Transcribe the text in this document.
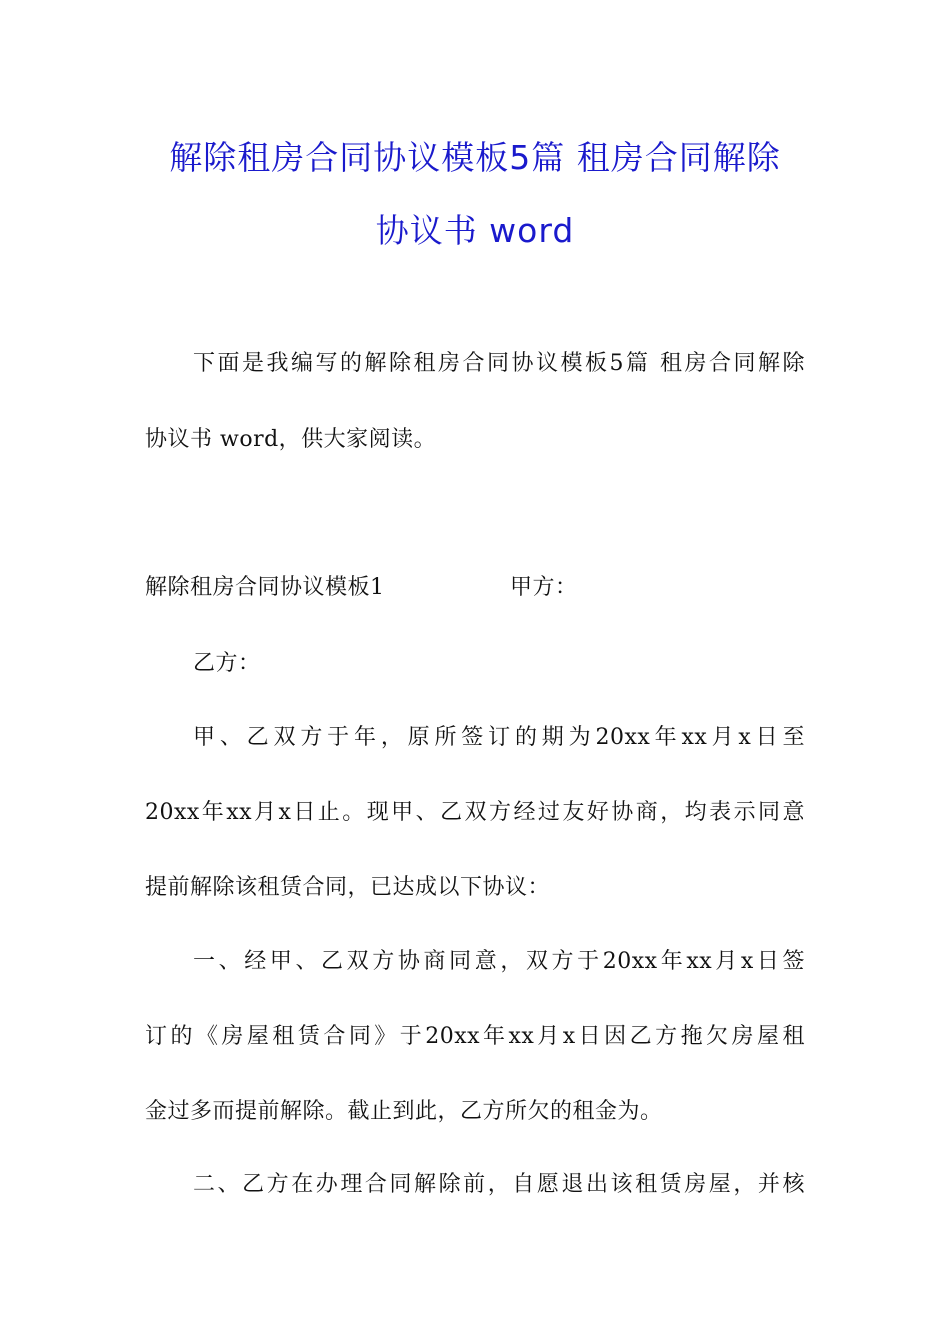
解除租房合同协议模板5篇 租房合同解除
协议书 word
下面是我编写的解除租房合同协议模板5篇 租房合同解除
协议书 word，供大家阅读。
解除租房合同协议模板1	甲方：
乙方：
甲、乙双方于年，原所签订的期为20xx年xx月x日至
20xx年xx月x日止。现甲、乙双方经过友好协商，均表示同意
提前解除该租赁合同，已达成以下协议：
一、经甲、乙双方协商同意，双方于20xx年xx月x日签
订的《房屋租赁合同》于20xx年xx月x日因乙方拖欠房屋租
金过多而提前解除。截止到此，乙方所欠的租金为。
二、乙方在办理合同解除前，自愿退出该租赁房屋，并核
